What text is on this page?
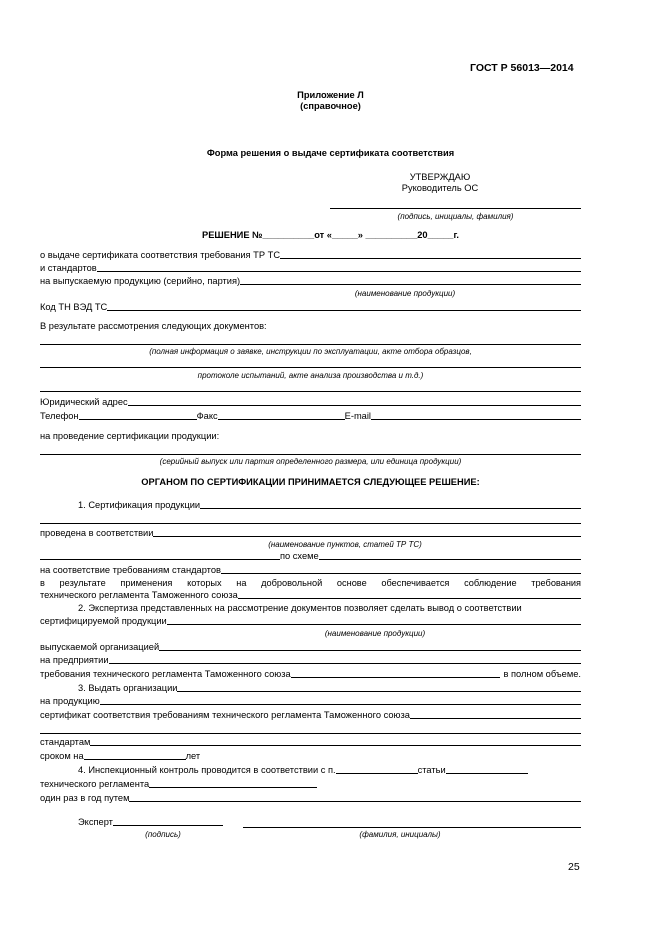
ГОСТ Р 56013—2014
Приложение Л
(справочное)
Форма решения о выдаче сертификата соответствия
УТВЕРЖДАЮ
Руководитель ОС
(подпись, инициалы, фамилия)
РЕШЕНИЕ №__________от «_____» __________20_____г.
о выдаче сертификата соответствия требования ТР ТС
и стандартов
на выпускаемую продукцию (серийно, партия)
(наименование продукции)
Код ТН ВЭД ТС
В результате рассмотрения следующих документов:
(полная информация о заявке, инструкции по эксплуатации, акте отбора образцов,
протоколе испытаний, акте анализа производства и т.д.)
Юридический адрес
Телефон	Факс	E-mail
на проведение сертификации продукции:
(серийный выпуск или партия определенного размера, или единица продукции)
ОРГАНОМ ПО СЕРТИФИКАЦИИ ПРИНИМАЕТСЯ СЛЕДУЮЩЕЕ РЕШЕНИЕ:
1. Сертификация продукции
проведена в соответствии
(наименование пунктов, статей ТР ТС)
по схеме
на соответствие требованиям стандартов
в результате применения которых на добровольной основе обеспечивается соблюдение требования
технического регламента Таможенного союза
2. Экспертиза представленных на рассмотрение документов позволяет сделать вывод о соответствии
сертифицируемой продукции
(наименование продукции)
выпускаемой организацией
на предприятии
требования технического регламента Таможенного союза	в полном объеме.
3. Выдать организации
на продукцию
сертификат соответствия требованиям технического регламента Таможенного союза
стандартам
сроком на	лет
4. Инспекционный контроль проводится в соответствии с п.	статьи
технического регламента
один раз в год путем
Эксперт
(подпись)	(фамилия, инициалы)
25
